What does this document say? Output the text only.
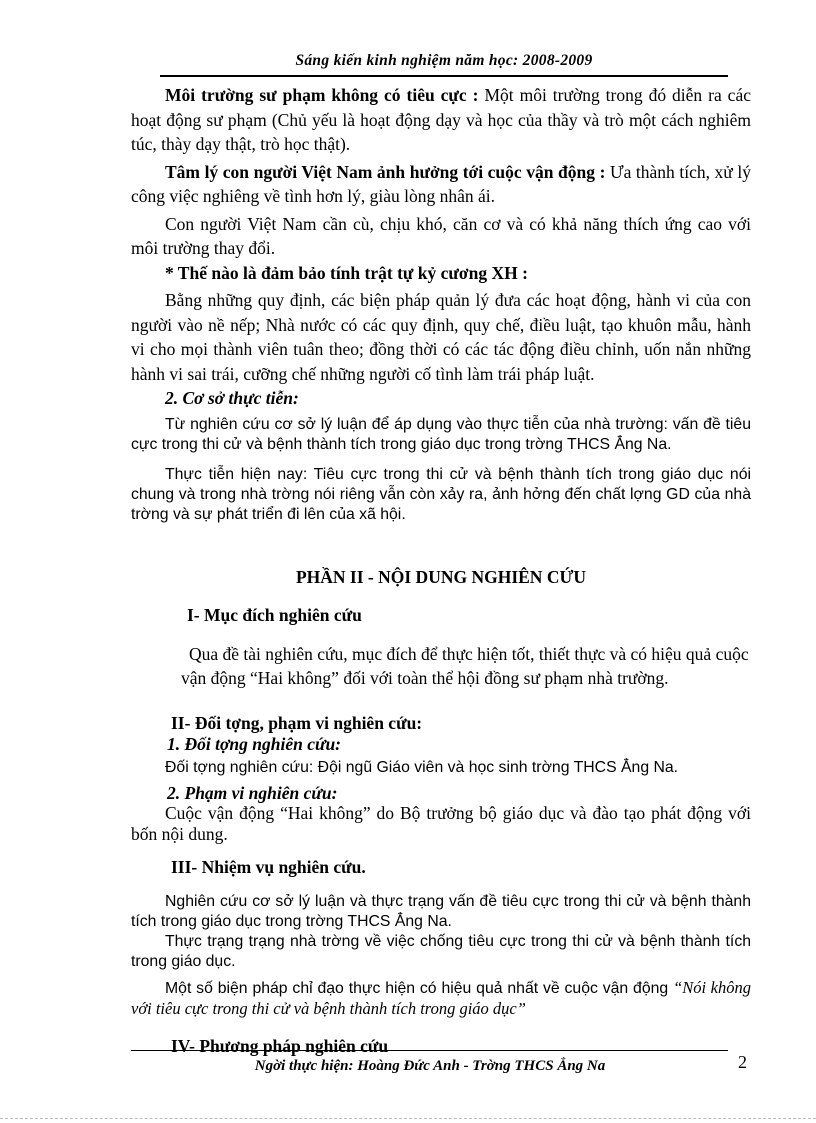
Sáng kiến kinh nghiệm năm học: 2008-2009

Môi trường sư phạm không có tiêu cực : Một môi trường trong đó diễn ra các hoạt động sư phạm (Chủ yếu là hoạt động dạy và học của thầy và trò một cách nghiêm túc, thày dạy thật, trò học thật).

Tâm lý con người Việt Nam ảnh hưởng tới cuộc vận động : Ưa thành tích, xử lý công việc nghiêng về tình hơn lý, giàu lòng nhân ái.

Con người Việt Nam cần cù, chịu khó, căn cơ và có khả năng thích ứng cao với môi trường thay đổi.

* Thế nào là đảm bảo tính trật tự kỷ cương XH :

Bằng những quy định, các biện pháp quản lý đưa các hoạt động, hành vi của con người vào nề nếp; Nhà nước có các quy định, quy chế, điều luật, tạo khuôn mẫu, hành vi cho mọi thành viên tuân theo; đồng thời có các tác động điều chỉnh, uốn nắn những hành vi sai trái, cưỡng chế những người cố tình làm trái pháp luật.

2. Cơ sở thực tiễn:

Từ nghiên cứu cơ sở lý luận để áp dụng vào thực tiễn của nhà trường: vấn đề tiêu cực trong thi cử và bệnh thành tích trong giáo dục trong trờng THCS Ẳng Na.

Thực tiễn hiện nay: Tiêu cực trong thi cử và bệnh thành tích trong giáo dục nói chung và trong nhà trờng nói riêng vẫn còn xảy ra, ảnh hởng đến chất lợng GD của nhà trờng và sự phát triển đi lên của xã hội.

PHẦN II - NỘI DUNG NGHIÊN CỨU

I- Mục đích nghiên cứu

Qua đề tài nghiên cứu, mục đích để thực hiện tốt, thiết thực và có hiệu quả cuộc vận động “Hai không” đối với toàn thể hội đồng sư phạm nhà trường.

II- Đối tợng, phạm vi nghiên cứu:

1. Đối tợng nghiên cứu:

Đối tợng nghiên cứu: Đội ngũ Giáo viên và học sinh trờng THCS Ẳng Na.

2. Phạm vi nghiên cứu:

Cuộc vận động “Hai không” do Bộ trưởng bộ giáo dục và đào tạo phát động với bốn nội dung.

III- Nhiệm vụ nghiên cứu.

Nghiên cứu cơ sở lý luận và thực trạng vấn đề tiêu cực trong thi cử và bệnh thành tích trong giáo dục trong trờng THCS Ẳng Na.

Thực trạng trạng nhà trờng về việc chống tiêu cực trong thi cử và bệnh thành tích trong giáo dục.

Một số biện pháp chỉ đạo thực hiện có hiệu quả nhất về cuộc vận động “Nói không với tiêu cực trong thi cử và bệnh thành tích trong giáo dục”

IV- Phương pháp nghiên cứu

Ngời thực hiện: Hoàng Đức Anh - Trờng THCS Ẳng Na	2
